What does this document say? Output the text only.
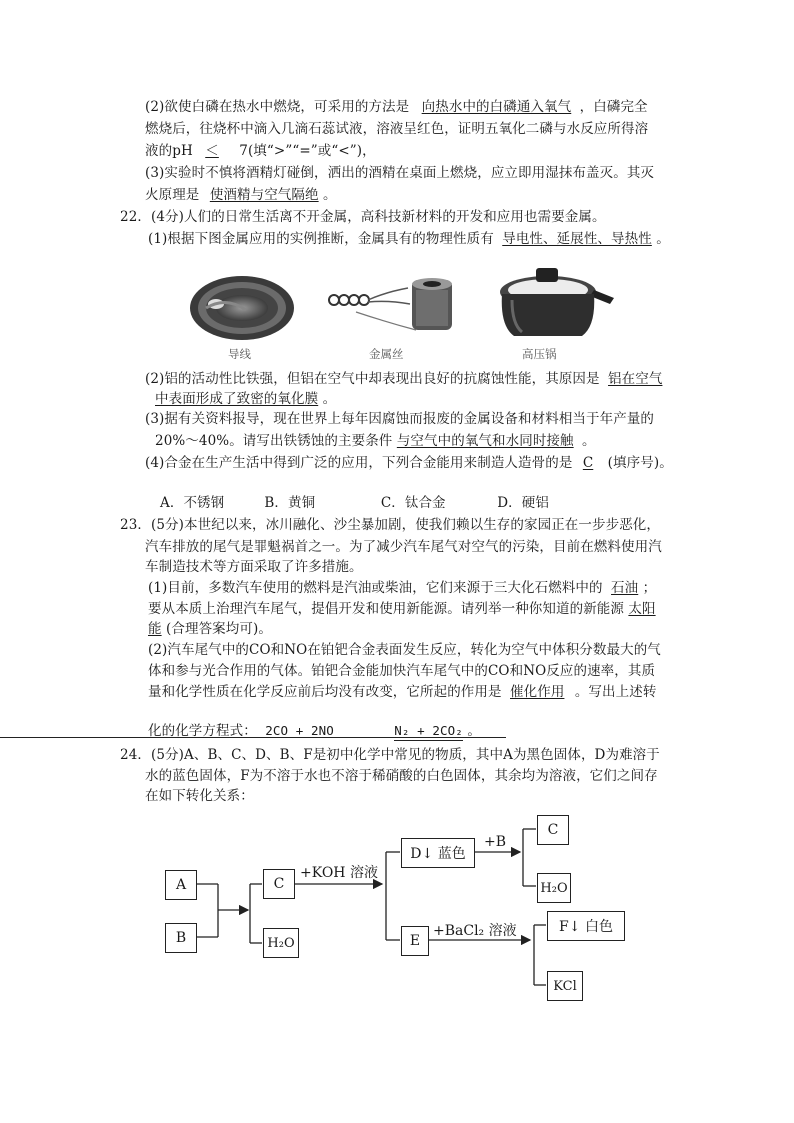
(2)欲使白磷在热水中燃烧，可采用的方法是 向热水中的白磷通入氧气 ，白磷完全
燃烧后，往烧杯中滴入几滴石蕊试液，溶液呈红色，证明五氧化二磷与水反应所得溶
液的pH ＜ 7(填“>”“=”或“<”)，
(3)实验时不慎将酒精灯碰倒，洒出的酒精在桌面上燃烧，应立即用湿抹布盖灭。其灭
火原理是 使酒精与空气隔绝 。
22．(4分)人们的日常生活离不开金属，高科技新材料的开发和应用也需要金属。
(1)根据下图金属应用的实例推断，金属具有的物理性质有 导电性、延展性、导热性 。
导线	金属丝	高压锅
(2)铝的活动性比铁强，但铝在空气中却表现出良好的抗腐蚀性能，其原因是 铝在空气
中表面形成了致密的氧化膜 。
(3)据有关资料报导，现在世界上每年因腐蚀而报废的金属设备和材料相当于年产量的
20%～40%。请写出铁锈蚀的主要条件 与空气中的氧气和水同时接触 。
(4)合金在生产生活中得到广泛的应用，下列合金能用来制造人造骨的是 C (填序号)。
A．不锈钢	B．黄铜	C．钛合金	D．硬铝
23．(5分)本世纪以来，冰川融化、沙尘暴加剧，使我们赖以生存的家园正在一步步恶化，
汽车排放的尾气是罪魁祸首之一。为了减少汽车尾气对空气的污染，目前在燃料使用汽
车制造技术等方面采取了许多措施。
(1)目前，多数汽车使用的燃料是汽油或柴油，它们来源于三大化石燃料中的 石油 ；
要从本质上治理汽车尾气，提倡开发和使用新能源。请列举一种你知道的新能源 太阳
能 (合理答案均可)。
(2)汽车尾气中的CO和NO在铂钯合金表面发生反应，转化为空气中体积分数最大的气
体和参与光合作用的气体。铂钯合金能加快汽车尾气中的CO和NO反应的速率，其质
量和化学性质在化学反应前后均没有改变，它所起的作用是 催化作用 。写出上述转
化的化学方程式： 2CO + 2NO	N₂ + 2CO₂ 。
24．(5分)A、B、C、D、B、F是初中化学中常见的物质，其中A为黑色固体，D为难溶于
水的蓝色固体，F为不溶于水也不溶于稀硝酸的白色固体，其余均为溶液，它们之间存
在如下转化关系：
A
B
C
H₂O
+KOH 溶液
D↓ 蓝色
+B
C
H₂O
E
+BaCl₂ 溶液	F↓ 白色
KCl
